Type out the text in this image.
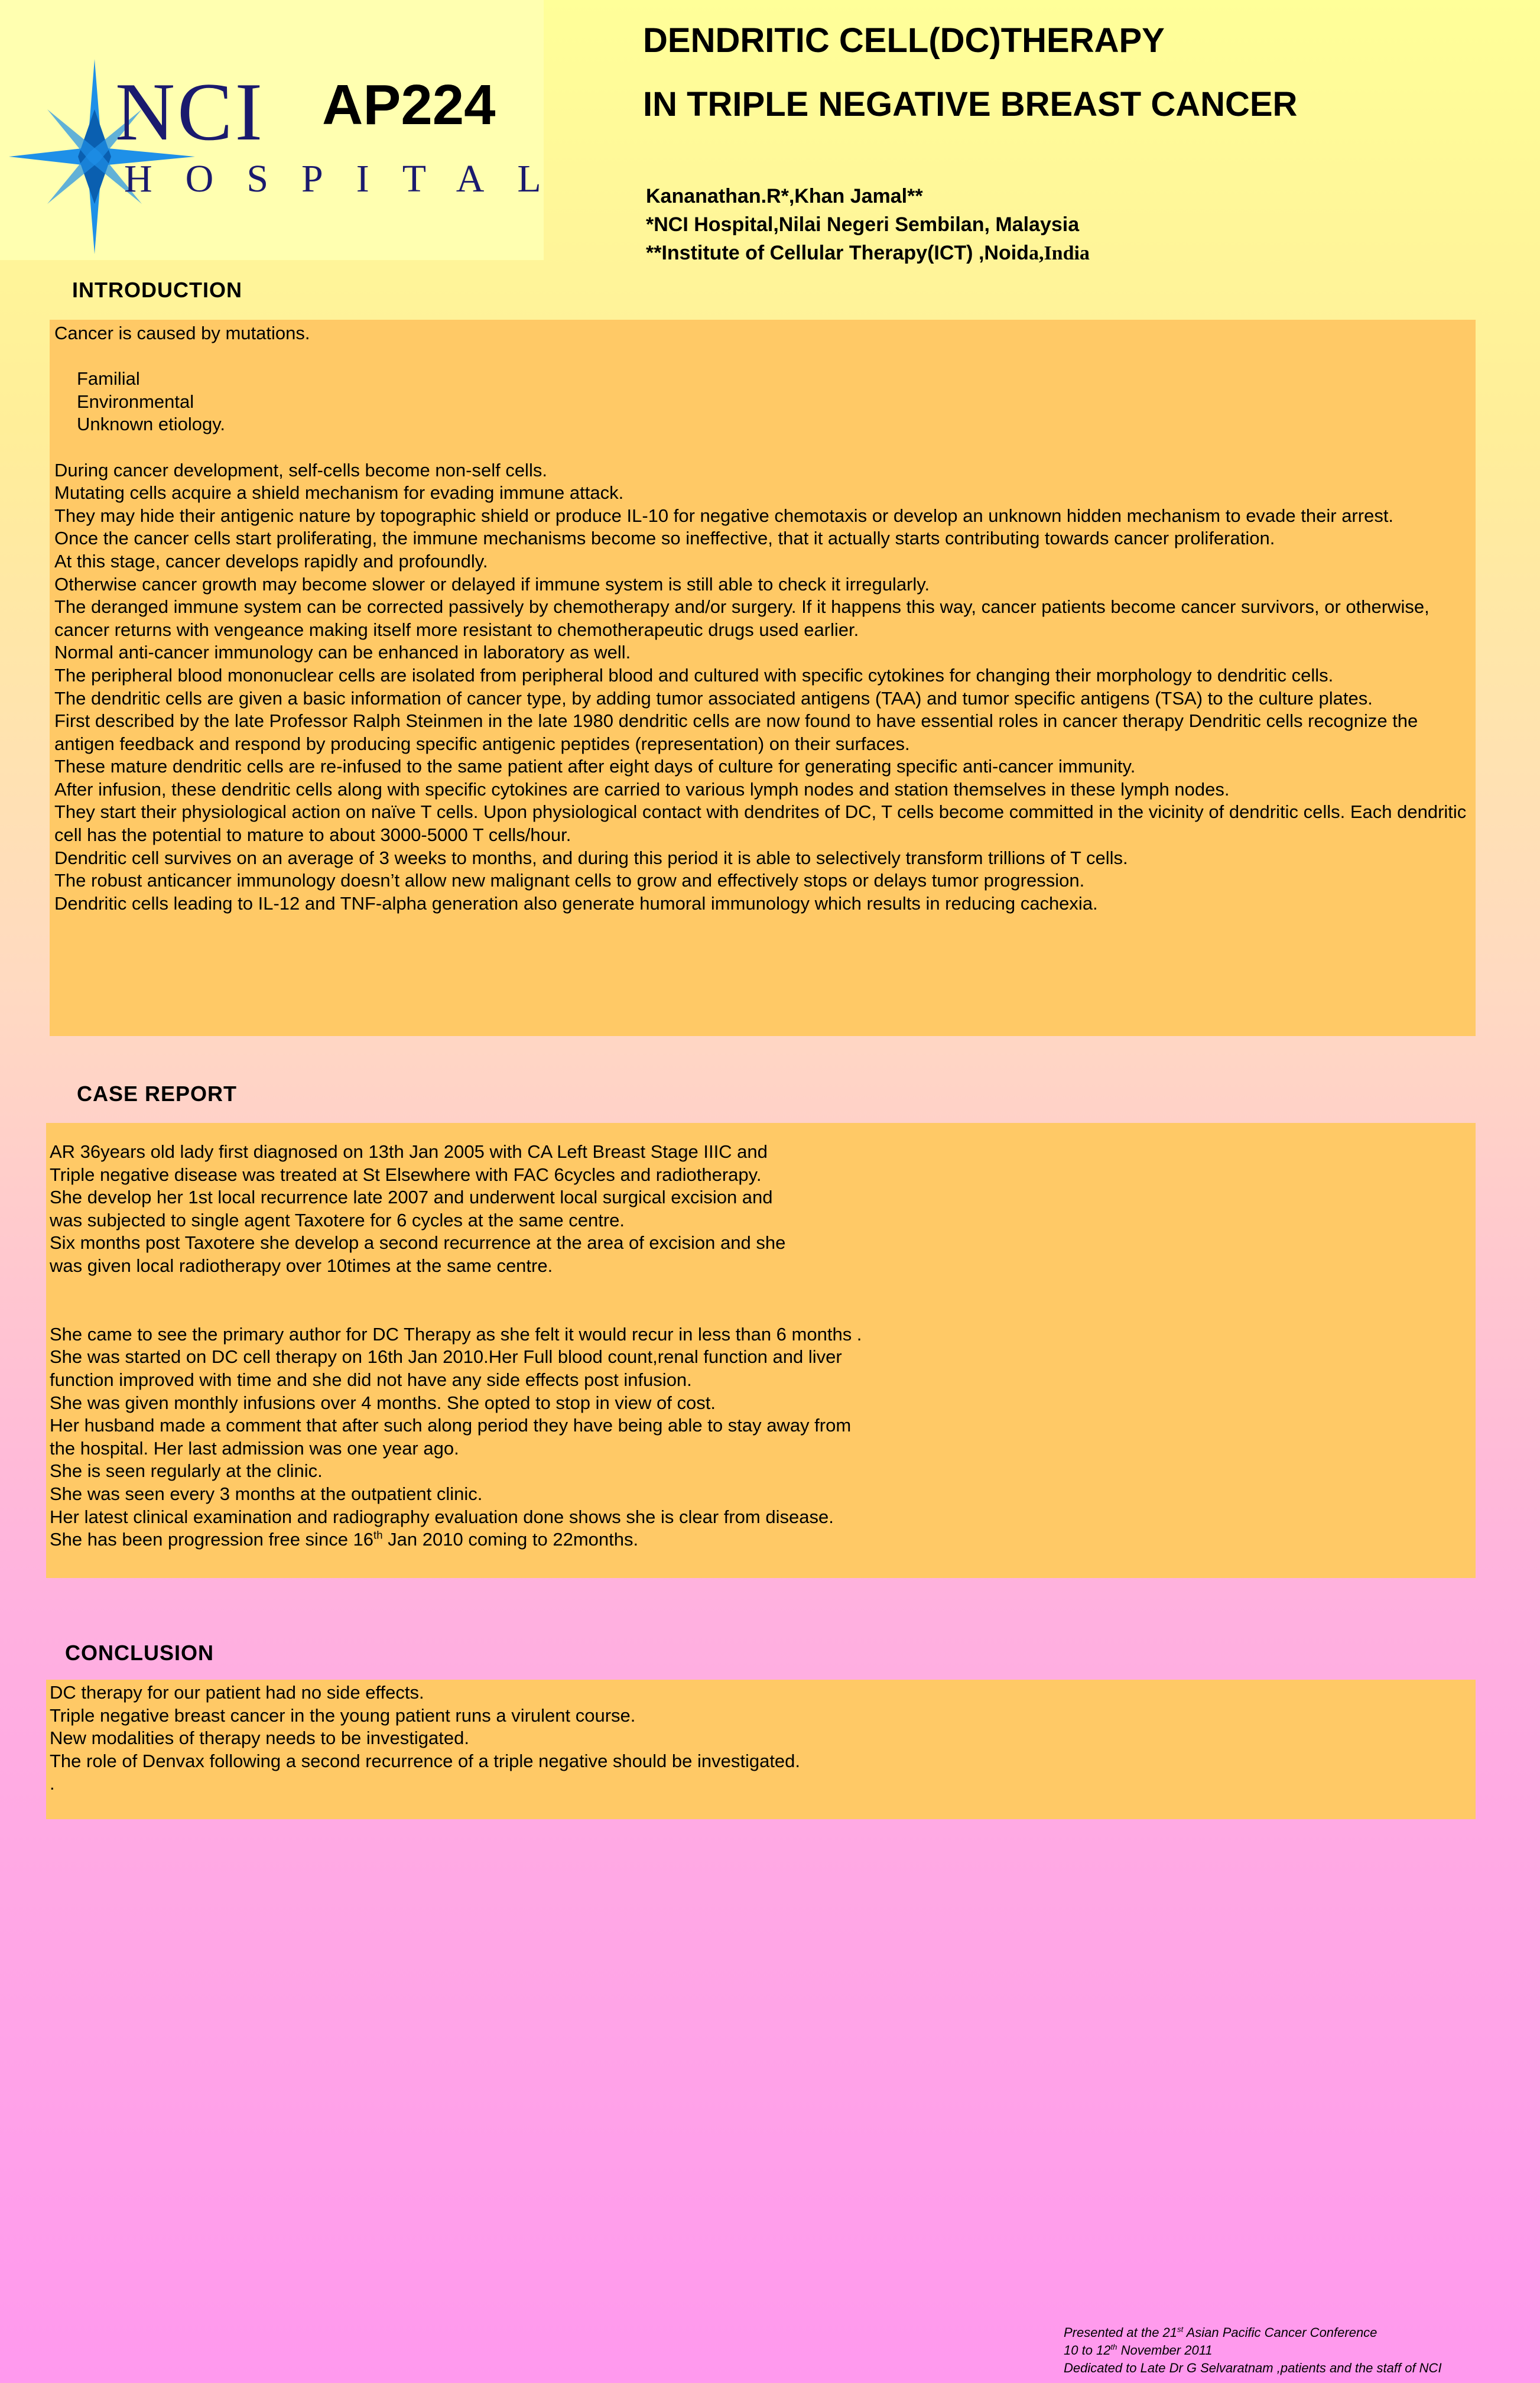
NCI
HOSPITAL
AP224
DENDRITIC CELL(DC)THERAPY
IN TRIPLE NEGATIVE BREAST CANCER
Kananathan.R*,Khan Jamal**
*NCI Hospital,Nilai Negeri Sembilan, Malaysia
**Institute of Cellular Therapy(ICT) ,Noida,India
INTRODUCTION

Cancer is caused by mutations.

Familial

Environmental

Unknown etiology.

During cancer development, self-cells become non-self cells.

Mutating cells acquire a shield mechanism for evading immune attack.

They may hide their antigenic nature by topographic shield or produce IL-10 for negative chemotaxis or develop an unknown hidden mechanism to evade their arrest.

Once the cancer cells start proliferating, the immune mechanisms become so ineffective, that it actually starts contributing towards cancer proliferation.

At this stage, cancer develops rapidly and profoundly.

Otherwise cancer growth may become slower or delayed if immune system is still able to check it irregularly.

The deranged immune system can be corrected passively by chemotherapy and/or surgery. If it happens this way, cancer patients become cancer survivors, or otherwise, cancer returns with vengeance making itself more resistant to chemotherapeutic drugs used earlier.

Normal anti-cancer immunology can be enhanced in laboratory as well.

The peripheral blood mononuclear cells are isolated from peripheral blood and cultured with specific cytokines for changing their morphology to dendritic cells.

The dendritic cells are given a basic information of cancer type, by adding tumor associated antigens (TAA) and tumor specific antigens (TSA) to the culture plates.

First described by the late Professor Ralph Steinmen in the late 1980 dendritic cells are now found to have essential roles in cancer therapy Dendritic cells recognize the antigen feedback and respond by producing specific antigenic peptides (representation) on their surfaces.

These mature dendritic cells are re-infused to the same patient after eight days of culture for generating specific anti-cancer immunity.

After infusion, these dendritic cells along with specific cytokines are carried to various lymph nodes and station themselves in these lymph nodes.

They start their physiological action on naïve T cells. Upon physiological contact with dendrites of DC, T cells become committed in the vicinity of dendritic cells. Each dendritic cell has the potential to mature to about 3000-5000 T cells/hour.

Dendritic cell survives on an average of 3 weeks to months, and during this period it is able to selectively transform trillions of T cells.

The robust anticancer immunology doesn’t allow new malignant cells to grow and effectively stops or delays tumor progression.

Dendritic cells leading to IL-12 and TNF-alpha generation also generate humoral immunology which results in reducing cachexia.

CASE REPORT

AR 36years old lady first diagnosed on 13th Jan 2005 with CA Left Breast Stage IIIC and

Triple negative disease was treated at St Elsewhere with FAC 6cycles and radiotherapy.

She develop her 1st local recurrence late 2007 and underwent local surgical excision and

was subjected to single agent Taxotere for 6 cycles at the same centre.

Six months post Taxotere she develop a second recurrence at the area of excision and she

was given local radiotherapy over 10times at the same centre.

She came to see the primary author for DC Therapy as she felt it would recur in less than 6 months .

She was started on DC cell therapy on 16th Jan 2010.Her Full blood count,renal function and liver

function improved with time and she did not have any side effects post infusion.

She was given monthly infusions over 4 months. She opted to stop in view of cost.

Her husband made a comment that after such along period they have being able to stay away from

the hospital. Her last admission was one year ago.

She is seen regularly at the clinic.

She was seen every 3 months at the outpatient clinic.

Her latest clinical examination and radiography evaluation done shows she is clear from disease.

She has been progression free since 16th Jan 2010 coming to 22months.

CONCLUSION

DC therapy for our patient had no side effects.

Triple negative breast cancer in the young patient runs a virulent course.

New modalities of therapy needs to be investigated.

The role of Denvax following a second recurrence of a triple negative should be investigated.

.

Presented at the 21st Asian Pacific Cancer Conference
10 to 12th November 2011
Dedicated to Late Dr G Selvaratnam ,patients and the staff of NCI
